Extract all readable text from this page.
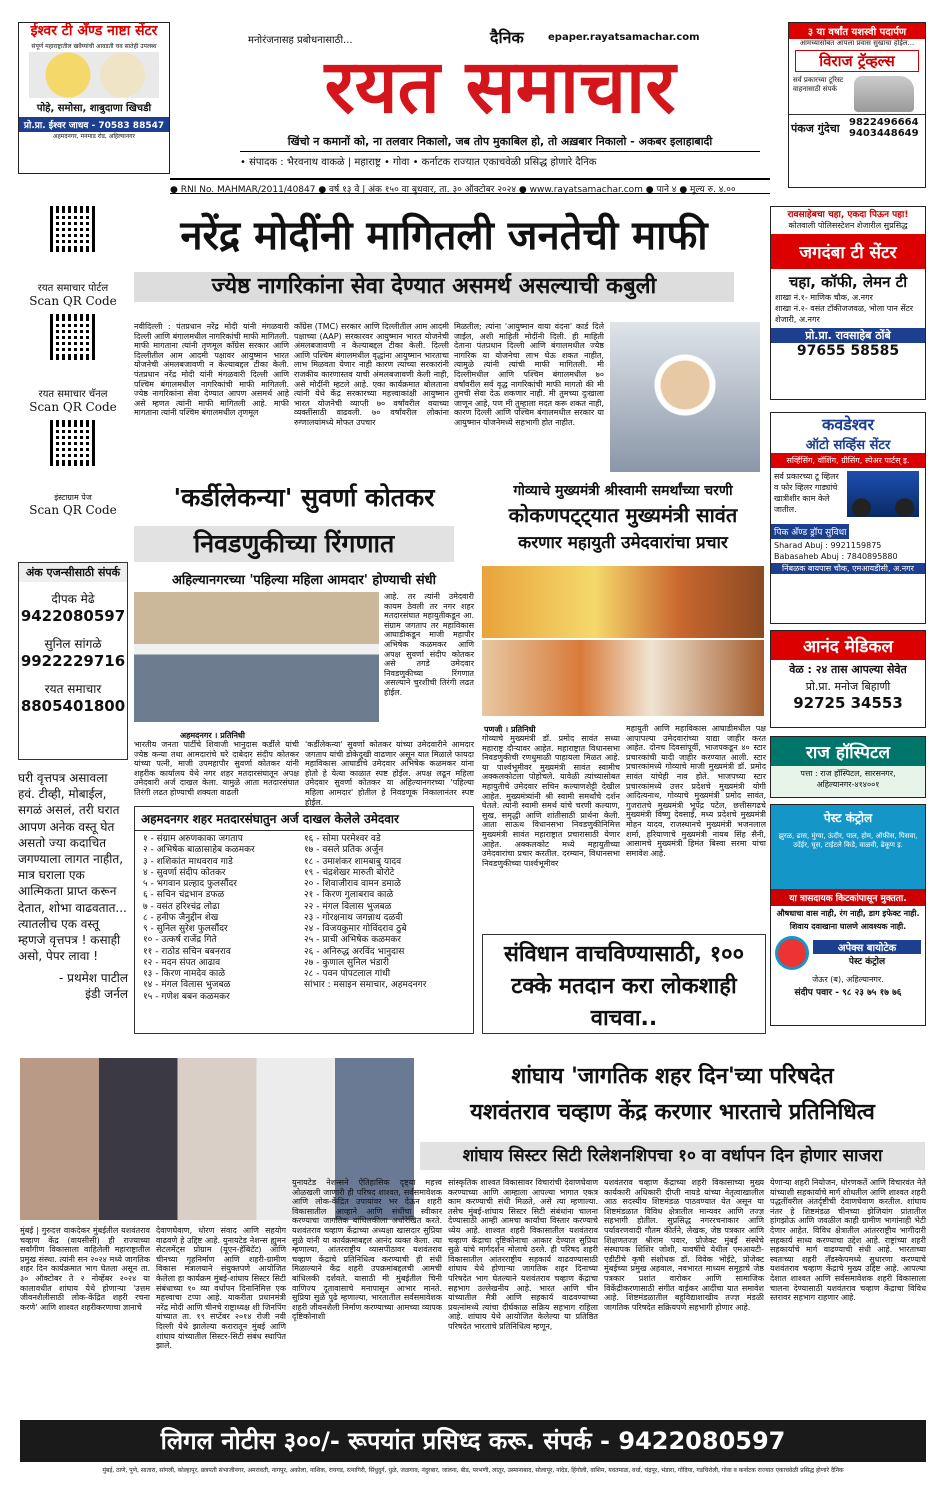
मनोरंजनासह प्रबोधनासाठी...	दैनिक epaper.rayatsamachar.com
रयत समाचार
खिंचो न कमानों को, ना तलवार निकालो, जब तोप मुकाबिल हो, तो अख़बार निकालो - अकबर इलाहाबादी
• संपादक : भैरवनाथ वाकळे | महाराष्ट्र • गोवा • कर्नाटक राज्यात एकाचवेळी प्रसिद्ध होणारे दैनिक
● RNI No. MAHMAR/2011/40847 ● वर्ष १३ वे | अंक १५० वा बुधवार, ता. ३० ऑक्टोबर २०२४ ● www.rayatsamachar.com ● पाने ४ ● मूल्य रु. ४.००
ईश्वर टी अँण्ड नाष्टा सेंटर
संपूर्ण महाराष्ट्रातील खवैय्यांची आवडती चव सातेही उपलब्ध
पोहे, समोसा, शाबुदाणा खिचडी
प्रो.प्रा. ईश्वर जाधव - 70583 88547
अहमदनगर, मनमाड रोड, अहिल्यानगर
३ या वर्षांत यशस्वी पदार्पण
आमच्यासोबत आपला प्रवास सुखाचा होईल...
विराज ट्रॅव्हल्स
सर्व प्रकारच्या टूरिस्ट वाहनासाठी संपर्क
पंकज गुंदेचा 9822496664
9403448649
रयत समाचार पोर्टल
Scan QR Code
रयत समाचार चॅनल
Scan QR Code
इंस्टाग्राम पेज
Scan QR Code
अंक एजन्सीसाठी संपर्क
दीपक मेढे
9422080597
सुनिल सांगळे
9922229716
रयत समाचार
8805401800
घरी वृत्तपत्र असावला हवं. टीव्ही, मोबाईल, सगळं असलं, तरी घरात आपण अनेक वस्तू घेत असतो ज्या कदाचित जगण्याला लागत नाहीत, मात्र घराला एक आत्मिकता प्राप्त करून देतात, शोभा वाढवतात... त्यातलीच एक वस्तू म्हणजे वृत्तपत्र ! कसाही असो, पेपर लावा !
- प्रथमेश पाटील
इंडी जर्नल
नरेंद्र मोदींनी मागितली जनतेची माफी
ज्येष्ठ नागरिकांना सेवा देण्यात असमर्थ असल्याची कबुली
नवीदिल्ली : पंतप्रधान नरेंद्र मोदी यांनी मंगळवारी दिल्ली आणि बंगालमधील नागरिकांची माफी मागितली. माफी मागताना त्यांनी तृणमूल काँग्रेस सरकार आणि दिल्लीतील आम आदमी पक्षावर आयुष्मान भारत योजनेची अंमलबजावणी न केल्याबद्दल टीका केली. पंतप्रधान नरेंद्र मोदी यांनी मंगळवारी दिल्ली आणि पश्चिम बंगालमधील नागरिकांची माफी मागितली. ज्येष्ठ नागरिकांना सेवा देण्यात आपण असमर्थ आहे असे म्हणत त्यांनी माफी मागितली आहे. माफी मागताना त्यांनी पश्चिम बंगालमधील तृणमूल
काँग्रेस (TMC) सरकार आणि दिल्लीतील आम आदमी पक्षाच्या (AAP) सरकारवर आयुष्मान भारत योजनेची अंमलबजावणी न केल्याबद्दल टीका केली. दिल्ली आणि पश्चिम बंगालमधील वृद्धांना आयुष्मान भारताचा लाभ मिळवता येणार नाही कारण त्यांच्या सरकारांनी राजकीय कारणास्तव याची अंमलबजावणी केली नाही, असे मोदींनी म्हटले आहे. एका कार्यक्रमात बोलताना त्यांनी येथे केंद्र सरकारच्या महत्त्वाकांक्षी आयुष्मान भारत योजनेची व्याप्ती ७० वर्षांवरील वयाच्या व्यक्तींसाठी वाढवली. ७० वर्षांवरील लोकांना रुग्णालयांमध्ये मोफत उपचार
मिळतील; त्यांना 'आयुष्मान वाया वंदना' कार्ड दिले जाईल, अशी माहिती मोदींनी दिली. ही माहिती देताना पंतप्रधान दिल्ली आणि बंगालमधील ज्येष्ठ नागरिक या योजनेचा लाभ घेऊ शकत नाहीत, त्यामुळे त्यांनी त्यांची माफी मागितली. मी दिल्लीमधील आणि पश्चिम बंगालमधील ७० वर्षांवरील सर्व वृद्ध नागरिकांची माफी मागतो की मी तुमची सेवा देऊ शकणार नाही. मी तुमच्या दुःखाला जाणून आहे, पण मी तुम्हाला मदत करू शकत नाही, कारण दिल्ली आणि पश्चिम बंगालमधील सरकार या आयुष्मान योजनेमध्ये सहभागी होत नाहीत.
रावसाहेबचा चहा, एकदा पिऊन पहा!
कोतवाली पोलिसस्टेशन शेजारील सुप्रसिद्ध
जगदंबा टी सेंटर
चहा, कॉफी, लेमन टी
शाखा नं.१- माणिक चौक, अ.नगर
शाखा नं.२- वसंत टॉकीजजवळ, भोला पान सेंटर शेजारी, अ.नगर
प्रो.प्रा. रावसाहेब ठोंबे
97655 58585
कवडेश्वर
ऑटो सर्व्हिस सेंटर
सर्व्हिसिंग, वॉशिंग, ग्रीसिंग, स्पेअर पार्टस् इ.
सर्व प्रकारच्या टू व्हिलर व फोर व्हिलर गाड्यांचे खात्रीशीर काम केले जातील.
पिक अँण्ड ड्रॉप सुविधा
Sharad Abuj : 9921159875
Babasaheb Abuj : 7840895880
निंबळक बायपास चौक, एमआयडीसी, अ.नगर
आनंद मेडिकल
वेळ : २४ तास आपल्या सेवेत
प्रो.प्रा. मनोज बिहाणी
92725 34553
राज हॉस्पिटल
पत्ता : राज हॉस्पिटल, सारसनगर, अहिल्यानगर-४१४००१
पेस्ट कंट्रोल
झुरळ, ढास, मुंग्या, ऊंदीर, पाल, होम, ऑफीस, पिसवा, उदेंईर, घूस, टाईटले किडे, वाळवी, ढेकूण इ.
या त्रासदायक किटकांपासून मुक्तता.
औषधाचा वास नाही, रंग नाही, डाग इफेक्ट नाही.
शिवाय दवाखाना घालणे आवश्यक नाही.
अपेक्स बायोटेक
पेस्ट कंट्रोल
जेऊर (ब), अहिल्यानगर.
संदीप पवार - ९८ २३ ७५ १७ ७६
'कर्डीलेकन्या' सुवर्णा कोतकर
निवडणुकीच्या रिंगणात
अहिल्यानगरच्या 'पहिल्या महिला आमदार' होण्याची संधी
आहे. तर त्यांनी उमेदवारी कायम ठेवली तर नगर शहर मतदारसंघात महायुतीकडून आ. संग्राम जगताप तर महाविकास आघाडीकडून माजी महापौर अभिषेक कळमकर आणि अपक्ष सुवर्णा संदीप कोतकर असे तगडे उमेदवार निवडणुकीच्या रिंगणात असल्याने चुरशीची तिरंगी लढत होईल.
अहमदनगर । प्रतिनिधी
भारतीय जनता पार्टीचे शिवाजी भानुदास कर्डीले यांची ज्येष्ठ कन्या तथा आमदारांचे घरे दाबेदार संदीप कोतकर यांच्या पत्नी, माजी उपमहापौर सुवर्णा कोतकर यांनी शहरीक कार्यालय येथे नगर शहर मतदारसंघातून अपक्ष उमेदवारी अर्ज दाखल केला. यामुळे आता मतदारसंघात तिरंगी लढत होण्याची शक्यता वाढली
'कर्डीलेकन्या' सुवर्णा कोतकर यांच्या उमेदवारीने आमदार जगताप यांची डोकेदुखी वाढणार असून यात मिळाले फायदा महाविकास आघाडीचे उमेदवार अभिषेक कळमकर यांना होतो हे येत्या काळात स्पष्ट होईल. अपक्ष लढून महिला उमेदवार सुवर्णा कोतकर या अहिल्यानगरच्या 'पहिल्या महिला आमदार' होतील हे निवडणूक निकालानंतर स्पष्ट होईल.
अहमदनगर शहर मतदारसंघातुन अर्ज दाखल केलेले उमेदवार
१ - संग्राम अरुणकाका जगताप
२ - अभिषेक बाळासाहेब कळमकर
३ - शशिकांत माधवराव गाडे
४ - सुवर्णा संदीप कोतकर
५ - भगवान प्रल्हाद फुलसौंदर
६ - सचिन चंद्रभान डफळ
७ - वसंत हरिश्चंद्र लोढा
८ - हनीफ जैनुद्दीन शेख
९ - सुनिल सुरेश फुलसौंदर
१० - उत्कर्ष राजेंद्र गिते
११ - राठोड सचिन बबनराव
१२ - मदन संपत आढाव
१३ - किरण नामदेव काळे
१४ - मंगल विलास भुजबळ
१५ - गणेश बबन कळमकर
१६ - सोमा परमेश्वर वडे
१७ - वसले प्रतिक अर्जुन
१८ - उमाशंकर शामबाबु यादव
१९ - चंद्रशेखर मारुती बोरोटे
२० - शिवाजीराव वामन डमाळे
२१ - किरण गुलाबराव काळे
२२ - मंगल विलास भुजबळ
२३ - गोरक्षनाथ जगन्नाथ दळवी
२४ - विजयकुमार गोविंदराव ठुबे
२५ - प्राची अभिषेक कळमकर
२६ - अनिरुद्ध अरविंद भानुदास
२७ - कुणाल सुनिल भंडारी
२८ - पवन पोपटलाल गांधी
सांभार : मसाइन समाचार, अहमदनगर
गोव्याचे मुख्यमंत्री श्रीस्वामी समर्थांच्या चरणी
कोकणपट्ट्यात मुख्यमंत्री सावंत
करणार महायुती उमेदवारांचा प्रचार
पणजी । प्रतिनिधी
गोव्याचे मुख्यमंत्री डॉ. प्रमोद सावंत सध्या महाराष्ट्र दौऱ्यावर आहेत. महाराष्ट्रात विधानसभा निवडणुकीची रणधुमाळी पाहायला मिळत आहे. या पार्श्वभूमीवर मुख्यमंत्री सावंत स्वामीच अक्कलकोटला पोहोचले. यावेळी त्यांच्यासोबत महायुतीचे उमेदवार सचिन कल्याणशेट्टी देखील आहेत. मुख्यमंत्र्यांनी श्री स्वामी समर्थांचे दर्शन घेतले. त्यांनी स्वामी समर्थ यांचे चरणी कल्याण, सुख, समृद्धी आणि शांतीसाठी प्रार्थना केली. आता साऊथ विधानसभा निवडणुकीनिमित्त मुख्यमंत्री सावंत महाराष्ट्रात प्रचारासाठी येणार आहेत. अक्कलकोट मध्ये महायुतीच्या उमेदवारांचा प्रचार करतील. दरम्यान, विधानसभा निवडणुकीच्या पार्श्वभूमीवर
महायुती आणि महाविकास आघाडीमधील पक्ष आपापल्या उमेदवारांच्या याद्या जाहीर करत आहेत. दोनच दिवसांपूर्वी, भाजपकडून ४० स्टार प्रचारकांची यादी जाहीर करण्यात आली. स्टार प्रचारकांमध्ये गोव्याचे माजी मुख्यमंत्री डॉ. प्रमोद सावंत यांचेही नाव होते. भाजपच्या स्टार प्रचारकांमध्ये उत्तर प्रदेशचे मुख्यमंत्री योगी आदित्यनाथ, गोव्याचे मुख्यमंत्री प्रमोद सावंत, गुजरातचे मुख्यमंत्री भूपेंद्र पटेल, छत्तीसगढचे मुख्यमंत्री विष्णु देवसाई, मध्य प्रदेशचे मुख्यमंत्री मोहन यादव, राजस्थानचे मुख्यमंत्री भजनलाल शर्मा, हरियाणाचे मुख्यमंत्री नायब सिंह सैनी, आसामचे मुख्यमंत्री हिमंत बिस्वा सरमा यांचा समावेश आहे.
संविधान वाचविण्यासाठी, १०० टक्के मतदान करा लोकशाही वाचवा..
शांघाय 'जागतिक शहर दिन'च्या परिषदेत
यशवंतराव चव्हाण केंद्र करणार भारताचे प्रतिनिधित्व
शांघाय सिस्टर सिटी रिलेशनशिपचा १० वा वर्धापन दिन होणार साजरा
मुंबई | गुरुदत्त वाकदेकर मुंबईतील यशवंतराव चव्हाण केंद्र (वायसीसी) ही राज्याच्या सर्वांगीण विकासाला वाहिलेली महाराष्ट्रातील प्रमुख संस्था. त्यांनी सन २०२४ मध्ये जागतिक शहर दिन कार्यक्रमात भाग घेतला असून ता. ३० ऑक्टोबर ते २ नोव्हेंबर २०२४ या कालावधीत शांघाय येथे होणाऱ्या 'उत्तम जीवनशैलीसाठी लोक-केंद्रित शहरी रचना करणे' आणि शाश्वत शहरीकरणाचा ज्ञानाचे
देवाणघेवाण, धोरण संवाद आणि सहयोग वाढवणे हे उद्दिष्ट आहे. युनायटेड नेशन्स ह्युमन सेटलमेंट्स प्रोग्राम (यूएन-हॅबिटॅट) आणि चीनच्या गृहनिर्माण आणि शहरी-ग्रामीण विकास मंत्रालयाने संयुक्तपणे आयोजित केलेला हा कार्यक्रम मुंबई-शांघाय सिस्टर सिटी संबंधाच्या १० व्या वर्धापन दिनानिमित्त एक महत्त्वाचा टप्पा आहे. याकरीता प्रधानमंत्री नरेंद्र मोदी आणि चीनचे राष्ट्राध्यक्ष शी जिनपिंग यांच्यात ता. १९ सप्टेंबर २०१४ रोजी नवी दिल्ली येथे झालेल्या करारातून मुंबई आणि शांघाय यांच्यातील सिस्टर-सिटी संबंध स्थापित झाले.
युनायटेड नेशन्सने ऐतिहासिक दृष्ट्या महत्त्व ओळखली जाणारी ही परिषद शाश्वत, सर्वसमावेशक आणि लोक-केंद्रित उपायांवर भर देऊन शहरी विकासातील आव्हाने आणि संधींचा स्वीकार करण्याचा जागतिक बांधिलकीला अधोरेखित करते. यशवंतराव चव्हाण केंद्राच्या अध्यक्षा खासदार सुप्रिया सुळे यांनी या कार्यक्रमाबद्दल आनंद व्यक्त केला. त्या म्हणाल्या, आंतरराष्ट्रीय व्यासपीठावर यशवंतराव चव्हाण केंद्राचे प्रतिनिधित्व करण्याची ही संधी मिळाल्याने केंद्र शहरी उपक्रमांबद्दलची आमची बांधिलकी दर्शवते. यासाठी मी मुंबईतील चिनी वाणिज्य दूतावासाचे मनापासून आभार मानते. सुप्रिया सुळे पुढे म्हणाल्या, भारतातील सर्वसमावेशक शहरी जीवनशैली निर्माण करण्याच्या आमच्या व्यापक दृष्टिकोनाशी
सांस्कृतिक शाश्वत विकासावर विचारांची देवाणघेवाण करण्याच्या आणि आम्हाला आपल्या भागात एकत्र काम करण्याची संधी मिळते, असे त्या म्हणाल्या. तसेच मुंबई-शांघाय सिस्टर सिटी संबंधांना चालना देण्यासाठी आम्ही आमचा कार्याचा विस्तार करण्याचे ध्येय आहे. शाश्वत शहरी विकासातील यशवंतराव चव्हाण केंद्राचा दृष्टिकोनाचा आकार देण्यात सुप्रिया सुळे यांचे मार्गदर्शन मोलाचे ठरले. ही परिषद शहरी विकासातील आंतरराष्ट्रीय सहकार्य वाढवण्यासाठी शांघाय येथे होणाऱ्या जागतिक शहर दिनाच्या परिषदेत भाग घेतल्याने यशवंतराव चव्हाण केंद्राचा सहभाग उल्लेखनीय आहे. भारत आणि चीन यांच्यातील मैत्री आणि सहकार्य वाढवण्याच्या प्रयत्नांमध्ये त्यांचा दीर्घकाळ सक्रिय सहभाग राहिला आहे. शांघाय येथे आयोजित केलेल्या या प्रतिष्ठित परिषदेत भारताचे प्रतिनिधित्व म्हणून,
यशवंतराव चव्हाण केंद्राच्या शहरी विकासाच्या मुख्य कार्यकारी अधिकारी दीप्ती नायडे यांच्या नेतृत्वाखालील आठ सदस्यीय शिष्टमंडळ पाठवण्यात येत असून या शिष्टमंडळात विविध क्षेत्रातील मान्यवर आणि तज्ज्ञ सहभागी होतील. सुप्रसिद्ध नगररचनाकार आणि पर्यावरणवादी गौतम कीर्तने, लेखक, जेष्ठ पत्रकार आणि शिक्षणतज्ज्ञ श्रीराम पवार, प्रोजेक्ट मुंबई संस्थेचे संस्थापक शिशिर जोशी, यावर्षीचे येथील एमआयटी-एडीटीचे कृषी संशोधक डॉ. विवेक भोईटे, प्रोजेक्ट मुंबईच्या प्रमुख अहवाल, नवभारत माध्यम समूहाचे जेष्ठ पत्रकार प्रशांत वारोकर आणि सामाजिक विकेंद्रीकरणासाठी संगीत वाईकर आदींचा यात समावेश आहे. शिष्टमंडळातील बहुविद्याशाखीय तज्ज्ञ मंडळी जागतिक परिषदेत सक्रियपणे सहभागी होणार आहे.
येणाऱ्या शहरी नियोजन, धोरणकर्ते आणि विचारवंत नेते यांच्याशी सहकार्याचे मार्ग शोधतील आणि शाश्वत शहरी पद्धतींवरील अंतर्दृष्टीची देवाणघेवाण करतील. शांघाय नंतर हे शिष्टमंडळ चीनच्या झेजियांग प्रांतातील हांगझोऊ आणि जवळील काही ग्रामीण भागांनाही भेटी देणार आहेत. विविध क्षेत्रातील आंतरराष्ट्रीय भागीदारी सहकार्य साध्य करण्याचा उद्देश आहे. राष्ट्रांच्या शहरी सहकार्याचे मार्ग वाढण्याची संधी आहे. भारताच्या स्वतःच्या शहरी लॅंडस्केपमध्ये सुधारणा करण्याचे यशवंतराव चव्हाण केंद्राचे मुख्य उद्दिष्ट आहे. आपल्या देशात शाश्वत आणि सर्वसमावेशक शहरी विकासाला चालना देण्यासाठी यशवंतराव चव्हाण केंद्राचा विविध स्तरावर सहभाग राहणार आहे.
लिगल नोटीस ३००/- रूपयांत प्रसिध्द करू. संपर्क - 9422080597
मुंबई, ठाणे, पुणे, सातारा, सांगली, कोल्हापूर, छत्रपती संभाजीनगर, अमरावती, नागपूर, अकोला, नाशिक, रायगड, रत्नागिरी, सिंधुदुर्ग, धुळे, जळगाव, नंदुरबार, जालना, बीड, परभणी, लातूर, उस्मानाबाद, सोलापूर, नांदेड, हिंगोली, वाशिम, यवतमाळ, वर्धा, चंद्रपूर, भंडारा, गोंदिया, गडचिरोली, गोवा व कर्नाटक राज्यात एकाचवेळी प्रसिद्ध होणारे दैनिक
